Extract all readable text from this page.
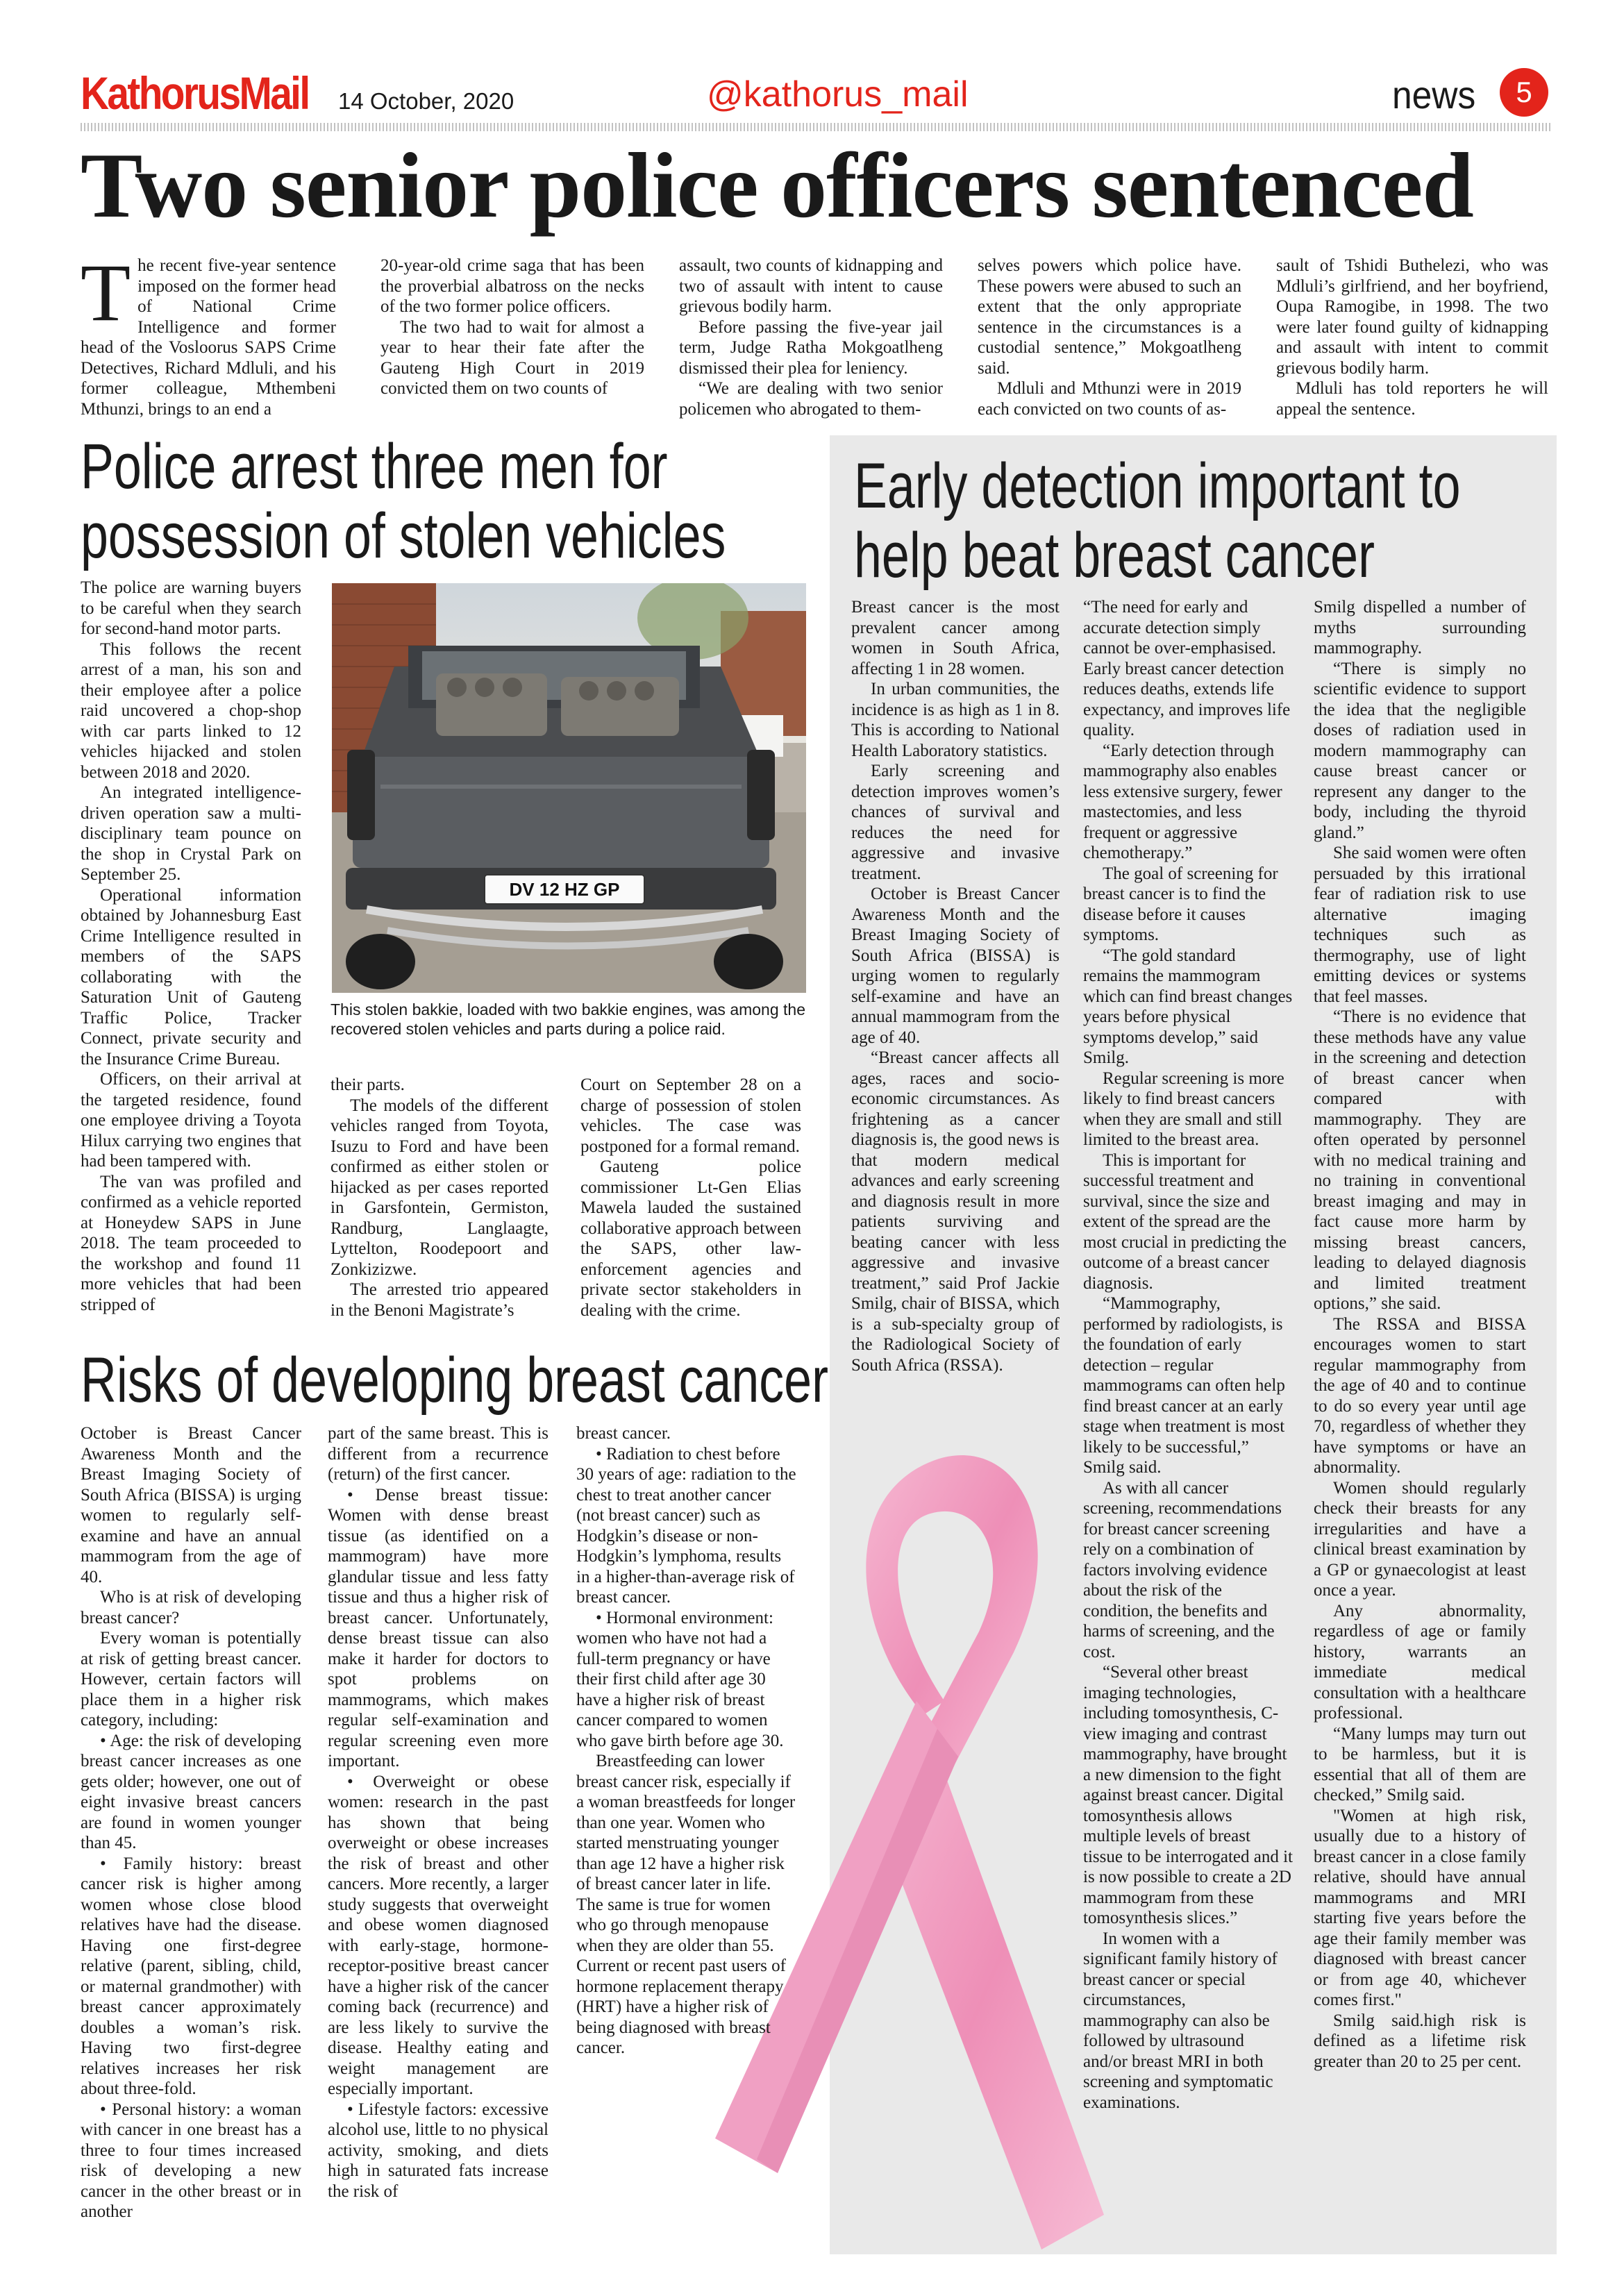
KathorusMail 14 October, 2020	@kathorus_mail	news	5
Two senior police officers sentenced
T he recent five-year sentence imposed on the former head of National Crime Intelligence and former head of the Vosloorus SAPS Crime Detectives, Richard Mdluli, and his former colleague, Mthembeni Mthunzi, brings to an end a

20-year-old crime saga that has been the proverbial albatross on the necks of the two former police officers.

The two had to wait for almost a year to hear their fate after the Gauteng High Court in 2019 convicted them on two counts of

assault, two counts of kidnapping and two of assault with intent to cause grievous bodily harm.

Before passing the five-year jail term, Judge Ratha Mokgoatlheng dismissed their plea for leniency.

“We are dealing with two senior policemen who abrogated to them-

selves powers which police have. These powers were abused to such an extent that the only appropriate sentence in the circumstances is a custodial sentence,” Mokgoatlheng said.

Mdluli and Mthunzi were in 2019 each convicted on two counts of as-

sault of Tshidi Buthelezi, who was Mdluli’s girlfriend, and her boyfriend, Oupa Ramogibe, in 1998. The two were later found guilty of kidnapping and assault with intent to commit grievous bodily harm.

Mdluli has told reporters he will appeal the sentence.

Police arrest three men for
possession of stolen vehicles

The police are warning buyers to be careful when they search for second-hand motor parts.

This follows the recent arrest of a man, his son and their employee after a police raid uncovered a chop-shop with car parts linked to 12 vehicles hijacked and stolen between 2018 and 2020.

An integrated intelligence-driven operation saw a multi-disciplinary team pounce on the shop in Crystal Park on September 25.

Operational information obtained by Johannesburg East Crime Intelligence resulted in members of the SAPS collaborating with the Saturation Unit of Gauteng Traffic Police, Tracker Connect, private security and the Insurance Crime Bureau.

Officers, on their arrival at the targeted residence, found one employee driving a Toyota Hilux carrying two engines that had been tampered with.

The van was profiled and confirmed as a vehicle reported at Honeydew SAPS in June 2018. The team proceeded to the workshop and found 11 more vehicles that had been stripped of

DV 12 HZ GP
This stolen bakkie, loaded with two bakkie engines, was among the recovered stolen vehicles and parts during a police raid.

their parts.

The models of the different vehicles ranged from Toyota, Isuzu to Ford and have been confirmed as either stolen or hijacked as per cases reported in Garsfontein, Germiston, Randburg, Langlaagte, Lyttelton, Roodepoort and Zonkizizwe.

The arrested trio appeared in the Benoni Magistrate’s

Court on September 28 on a charge of possession of stolen vehicles. The case was postponed for a formal remand.

Gauteng police commissioner Lt-Gen Elias Mawela lauded the sustained collaborative approach between the SAPS, other law-enforcement agencies and private sector stakeholders in dealing with the crime.

Risks of developing breast cancer

October is Breast Cancer Awareness Month and the Breast Imaging Society of South Africa (BISSA) is urging women to regularly self-examine and have an annual mammogram from the age of 40.

Who is at risk of developing breast cancer?

Every woman is potentially at risk of getting breast cancer. However, certain factors will place them in a higher risk category, including:

• Age: the risk of developing breast cancer increases as one gets older; however, one out of eight invasive breast cancers are found in women younger than 45.

• Family history: breast cancer risk is higher among women whose close blood relatives have had the disease. Having one first-degree relative (parent, sibling, child, or maternal grandmother) with breast cancer approximately doubles a woman’s risk. Having two first-degree relatives increases her risk about three-fold.

• Personal history: a woman with cancer in one breast has a three to four times increased risk of developing a new cancer in the other breast or in another

part of the same breast. This is different from a recurrence (return) of the first cancer.

• Dense breast tissue: Women with dense breast tissue (as identified on a mammogram) have more glandular tissue and less fatty tissue and thus a higher risk of breast cancer. Unfortunately, dense breast tissue can also make it harder for doctors to spot problems on mammograms, which makes regular self-examination and regular screening even more important.

• Overweight or obese women: research in the past has shown that being overweight or obese increases the risk of breast and other cancers. More recently, a larger study suggests that overweight and obese women diagnosed with early-stage, hormone-receptor-positive breast cancer have a higher risk of the cancer coming back (recurrence) and are less likely to survive the disease. Healthy eating and weight management are especially important.

• Lifestyle factors: excessive alcohol use, little to no physical activity, smoking, and diets high in saturated fats increase the risk of

breast cancer.

• Radiation to chest before 30 years of age: radiation to the chest to treat another cancer (not breast cancer) such as Hodgkin’s disease or non-Hodgkin’s lymphoma, results in a higher-than-average risk of breast cancer.

• Hormonal environment: women who have not had a full-term pregnancy or have their first child after age 30 have a higher risk of breast cancer compared to women who gave birth before age 30.

Breastfeeding can lower breast cancer risk, especially if a woman breastfeeds for longer than one year. Women who started menstruating younger than age 12 have a higher risk of breast cancer later in life. The same is true for women who go through menopause when they are older than 55. Current or recent past users of hormone replacement therapy (HRT) have a higher risk of being diagnosed with breast cancer.

Early detection important to
help beat breast cancer

Breast cancer is the most prevalent cancer among women in South Africa, affecting 1 in 28 women.

In urban communities, the incidence is as high as 1 in 8. This is according to National Health Laboratory statistics.

Early screening and detection improves women’s chances of survival and reduces the need for aggressive and invasive treatment.

October is Breast Cancer Awareness Month and the Breast Imaging Society of South Africa (BISSA) is urging women to regularly self-examine and have an annual mammogram from the age of 40.

“Breast cancer affects all ages, races and socio-economic circumstances. As frightening as a cancer diagnosis is, the good news is that modern medical advances and early screening and diagnosis result in more patients surviving and beating cancer with less aggressive and invasive treatment,” said Prof Jackie Smilg, chair of BISSA, which is a sub-specialty group of the Radiological Society of South Africa (RSSA).

“The need for early and accurate detection simply cannot be over-emphasised. Early breast cancer detection reduces deaths, extends life expectancy, and improves life quality.

“Early detection through mammography also enables less extensive surgery, fewer mastectomies, and less frequent or aggressive chemotherapy.”

The goal of screening for breast cancer is to find the disease before it causes symptoms.

“The gold standard remains the mammogram which can find breast changes years before physical symptoms develop,” said Smilg.

Regular screening is more likely to find breast cancers when they are small and still limited to the breast area.

This is important for successful treatment and survival, since the size and extent of the spread are the most crucial in predicting the outcome of a breast cancer diagnosis.

“Mammography, performed by radiologists, is the foundation of early detection – regular mammograms can often help find breast cancer at an early stage when treatment is most likely to be successful,” Smilg said.

As with all cancer screening, recommendations for breast cancer screening rely on a combination of factors involving evidence about the risk of the condition, the benefits and harms of screening, and the cost.

“Several other breast imaging technologies, including tomosynthesis, C-view imaging and contrast mammography, have brought a new dimension to the fight against breast cancer. Digital tomosynthesis allows multiple levels of breast tissue to be interrogated and it is now possible to create a 2D mammogram from these tomosynthesis slices.”

In women with a significant family history of breast cancer or special circumstances, mammography can also be followed by ultrasound and/or breast MRI in both screening and symptomatic examinations.

Smilg dispelled a number of myths surrounding mammography.

“There is simply no scientific evidence to support the idea that the negligible doses of radiation used in modern mammography can cause breast cancer or represent any danger to the body, including the thyroid gland.”

She said women were often persuaded by this irrational fear of radiation risk to use alternative imaging techniques such as thermography, use of light emitting devices or systems that feel masses.

“There is no evidence that these methods have any value in the screening and detection of breast cancer when compared with mammography. They are often operated by personnel with no medical training and no training in conventional breast imaging and may in fact cause more harm by missing breast cancers, leading to delayed diagnosis and limited treatment options,” she said.

The RSSA and BISSA encourages women to start regular mammography from the age of 40 and to continue to do so every year until age 70, regardless of whether they have symptoms or have an abnormality.

Women should regularly check their breasts for any irregularities and have a clinical breast examination by a GP or gynaecologist at least once a year.

Any abnormality, regardless of age or family history, warrants an immediate medical consultation with a healthcare professional.

“Many lumps may turn out to be harmless, but it is essential that all of them are checked,” Smilg said.

"Women at high risk, usually due to a history of breast cancer in a close family relative, should have annual mammograms and MRI starting five years before the age their family member was diagnosed with breast cancer or from age 40, whichever comes first."

Smilg said.high risk is defined as a lifetime risk greater than 20 to 25 per cent.
